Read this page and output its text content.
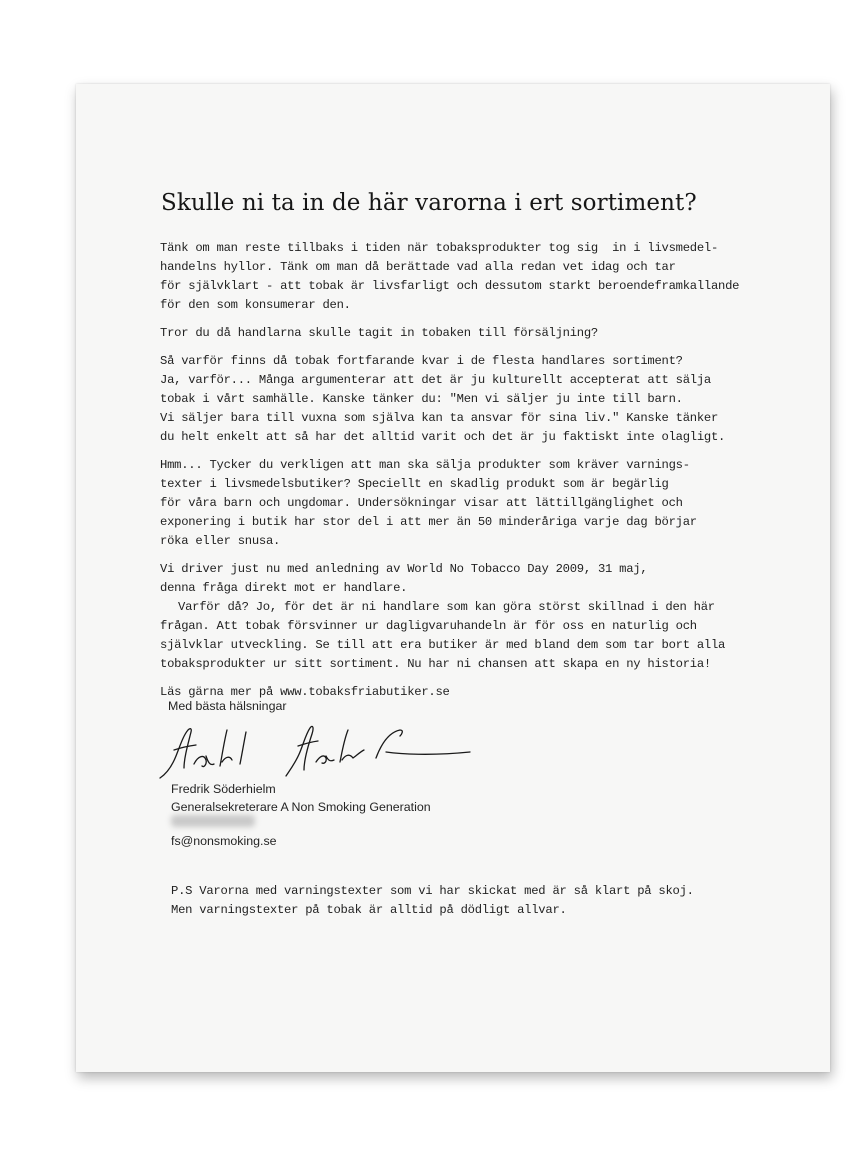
Skulle ni ta in de här varorna i ert sortiment?
Tänk om man reste tillbaks i tiden när tobaksprodukter tog sig  in i livsmedel-
handelns hyllor. Tänk om man då berättade vad alla redan vet idag och tar
för självklart - att tobak är livsfarligt och dessutom starkt beroendeframkallande
för den som konsumerar den.
Tror du då handlarna skulle tagit in tobaken till försäljning?
Så varför finns då tobak fortfarande kvar i de flesta handlares sortiment?
Ja, varför... Många argumenterar att det är ju kulturellt accepterat att sälja
tobak i vårt samhälle. Kanske tänker du: "Men vi säljer ju inte till barn.
Vi säljer bara till vuxna som själva kan ta ansvar för sina liv." Kanske tänker
du helt enkelt att så har det alltid varit och det är ju faktiskt inte olagligt.
Hmm... Tycker du verkligen att man ska sälja produkter som kräver varnings-
texter i livsmedelsbutiker? Speciellt en skadlig produkt som är begärlig
för våra barn och ungdomar. Undersökningar visar att lättillgänglighet och
exponering i butik har stor del i att mer än 50 minderåriga varje dag börjar
röka eller snusa.
Vi driver just nu med anledning av World No Tobacco Day 2009, 31 maj,
denna fråga direkt mot er handlare.
Varför då? Jo, för det är ni handlare som kan göra störst skillnad i den här
frågan. Att tobak försvinner ur dagligvaruhandeln är för oss en naturlig och
självklar utveckling. Se till att era butiker är med bland dem som tar bort alla
tobaksprodukter ur sitt sortiment. Nu har ni chansen att skapa en ny historia!
Läs gärna mer på www.tobaksfriabutiker.se
Med bästa hälsningar
Fredrik Söderhielm
Generalsekreterare A Non Smoking Generation
fs@nonsmoking.se
P.S Varorna med varningstexter som vi har skickat med är så klart på skoj.
Men varningstexter på tobak är alltid på dödligt allvar.
